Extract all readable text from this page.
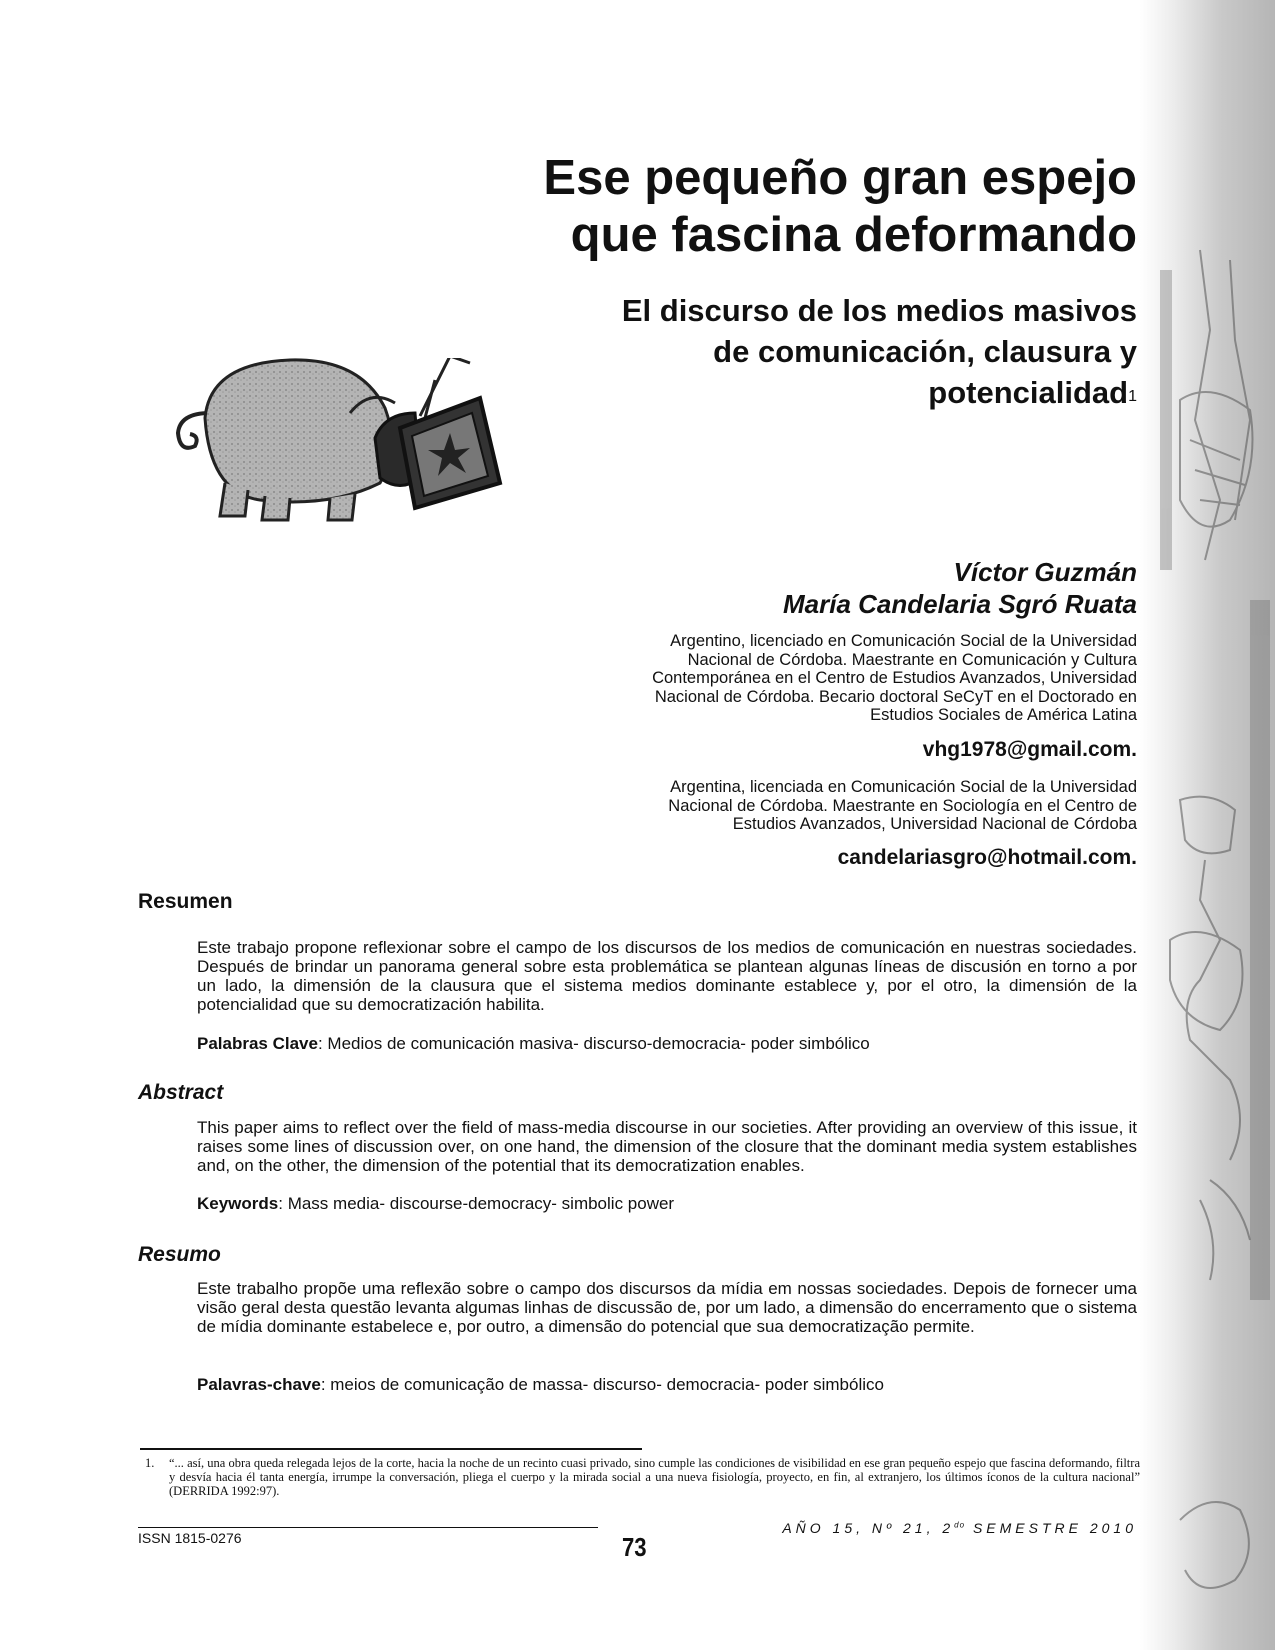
Ese pequeño gran espejo
que fascina deformando
El discurso de los medios masivos
de comunicación, clausura y
potencialidad$^1$
Víctor Guzmán
María Candelaria Sgró Ruata
Argentino, licenciado en Comunicación Social de la Universidad
Nacional de Córdoba. Maestrante en Comunicación y Cultura
Contemporánea en el Centro de Estudios Avanzados, Universidad
Nacional de Córdoba. Becario doctoral SeCyT en el Doctorado en
Estudios Sociales de América Latina
vhg1978@gmail.com.
Argentina, licenciada en Comunicación Social de la Universidad
Nacional de Córdoba. Maestrante en Sociología en el Centro de
Estudios Avanzados, Universidad Nacional de Córdoba
candelariasgro@hotmail.com.
Resumen

Este trabajo propone reflexionar sobre el campo de los discursos de los medios de comunicación en nuestras sociedades. Después de brindar un panorama general sobre esta problemática se plantean algunas líneas de discusión en torno a por un lado, la dimensión de la clausura que el sistema medios dominante establece y, por el otro, la dimensión de la potencialidad que su democratización habilita.

Palabras Clave: Medios de comunicación masiva- discurso-democracia- poder simbólico

Abstract

This paper aims to reflect over the field of mass-media discourse in our societies. After providing an overview of this issue, it raises some lines of discussion over, on one hand, the dimension of the closure that the dominant media system establishes and, on the other, the dimension of the potential that its democratization enables.

Keywords: Mass media- discourse-democracy- simbolic power

Resumo

Este trabalho propõe uma reflexão sobre o campo dos discursos da mídia em nossas sociedades. Depois de fornecer uma visão geral desta questão levanta algumas linhas de discussão de, por um lado, a dimensão do encerramento que o sistema de mídia dominante estabelece e, por outro, a dimensão do potencial que sua democratização permite.

Palavras-chave: meios de comunicação de massa- discurso- democracia- poder simbólico

1. “... así, una obra queda relegada lejos de la corte, hacia la noche de un recinto cuasi privado, sino cumple las condiciones de visibilidad en ese gran pequeño espejo que fascina deformando, filtra y desvía hacia él tanta energía, irrumpe la conversación, pliega el cuerpo y la mirada social a una nueva fisiología, proyecto, en fin, al extranjero, los últimos íconos de la cultura nacional” (DERRIDA 1992:97).
ISSN 1815-0276
AÑO 15, Nº 21, $2^{do}$ SEMESTRE 2010
73
